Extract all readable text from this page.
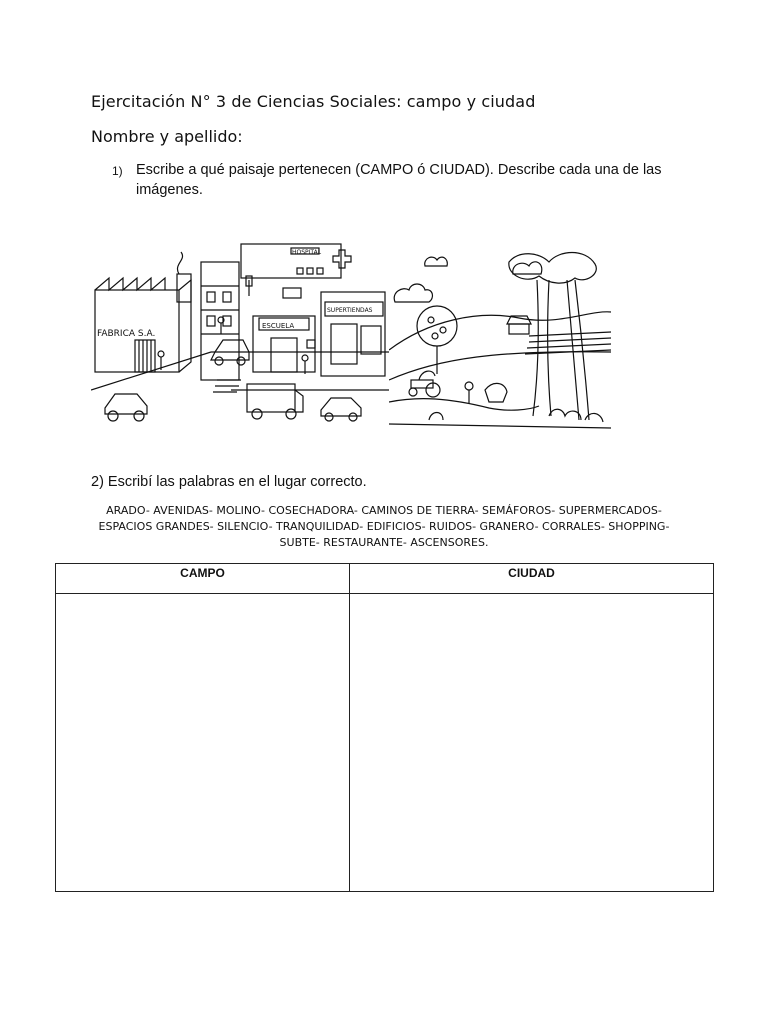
Ejercitación N° 3 de Ciencias Sociales: campo y ciudad
Nombre y apellido:
1) Escribe a qué paisaje pertenecen (CAMPO ó CIUDAD). Describe cada una de las imágenes.
HOSPITAL
FABRICA S.A.
ESCUELA
SUPERTIENDAS
2) Escribí las palabras en el lugar correcto.
ARADO- AVENIDAS- MOLINO- COSECHADORA- CAMINOS DE TIERRA- SEMÁFOROS- SUPERMERCADOS-
ESPACIOS GRANDES- SILENCIO- TRANQUILIDAD- EDIFICIOS- RUIDOS- GRANERO- CORRALES- SHOPPING-
SUBTE- RESTAURANTE- ASCENSORES.
CAMPO	CIUDAD
